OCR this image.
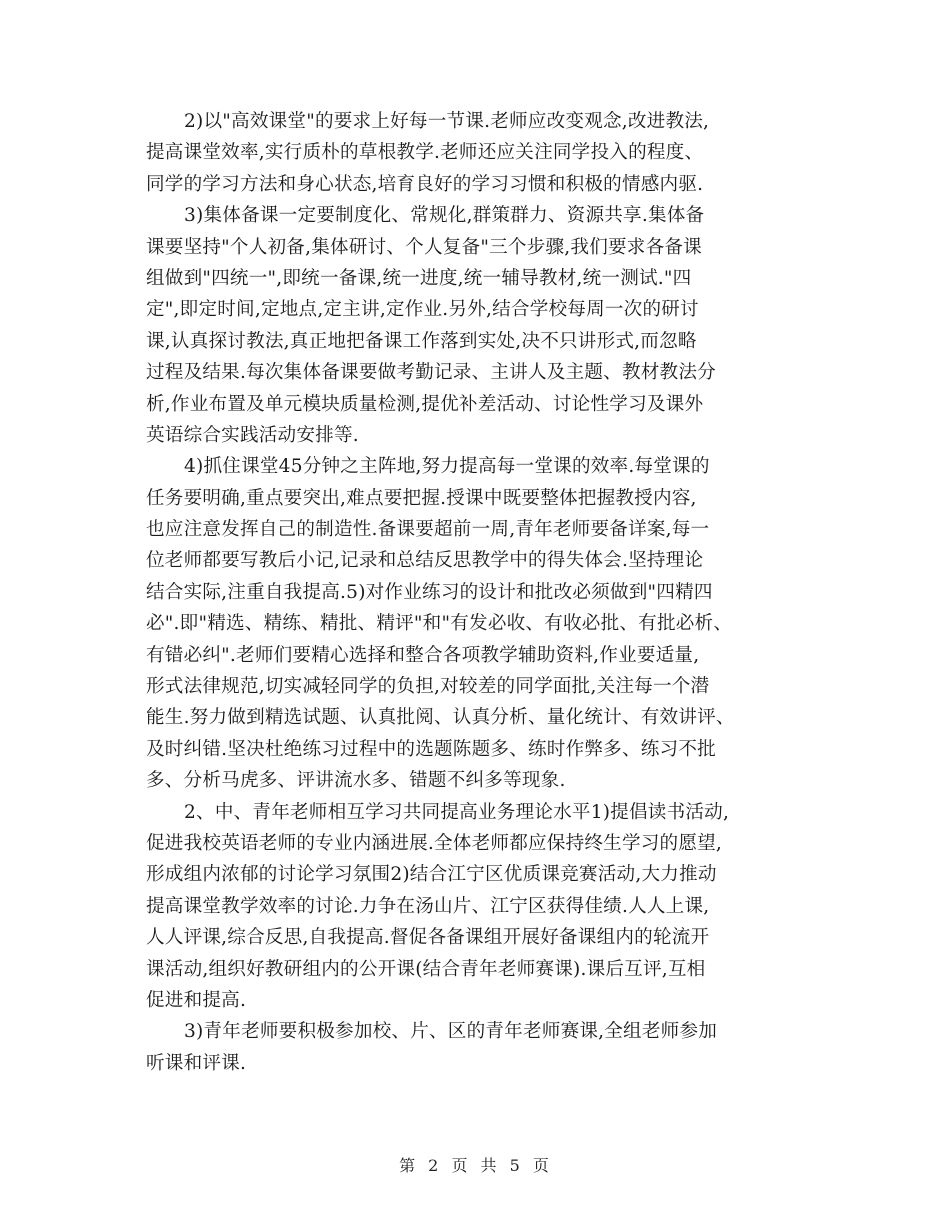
2)以"高效课堂"的要求上好每一节课.老师应改变观念,改进教法,
提高课堂效率,实行质朴的草根教学.老师还应关注同学投入的程度、
同学的学习方法和身心状态,培育良好的学习习惯和积极的情感内驱.
3)集体备课一定要制度化、常规化,群策群力、资源共享.集体备
课要坚持"个人初备,集体研讨、个人复备"三个步骤,我们要求各备课
组做到"四统一",即统一备课,统一进度,统一辅导教材,统一测试."四
定",即定时间,定地点,定主讲,定作业.另外,结合学校每周一次的研讨
课,认真探讨教法,真正地把备课工作落到实处,决不只讲形式,而忽略
过程及结果.每次集体备课要做考勤记录、主讲人及主题、教材教法分
析,作业布置及单元模块质量检测,提优补差活动、讨论性学习及课外
英语综合实践活动安排等.
4)抓住课堂45分钟之主阵地,努力提高每一堂课的效率.每堂课的
任务要明确,重点要突出,难点要把握.授课中既要整体把握教授内容,
也应注意发挥自己的制造性.备课要超前一周,青年老师要备详案,每一
位老师都要写教后小记,记录和总结反思教学中的得失体会.坚持理论
结合实际,注重自我提高.5)对作业练习的设计和批改必须做到"四精四
必".即"精选、精练、精批、精评"和"有发必收、有收必批、有批必析、
有错必纠".老师们要精心选择和整合各项教学辅助资料,作业要适量,
形式法律规范,切实减轻同学的负担,对较差的同学面批,关注每一个潜
能生.努力做到精选试题、认真批阅、认真分析、量化统计、有效讲评、
及时纠错.坚决杜绝练习过程中的选题陈题多、练时作弊多、练习不批
多、分析马虎多、评讲流水多、错题不纠多等现象.
2、中、青年老师相互学习共同提高业务理论水平1)提倡读书活动,
促进我校英语老师的专业内涵进展.全体老师都应保持终生学习的愿望,
形成组内浓郁的讨论学习氛围2)结合江宁区优质课竞赛活动,大力推动
提高课堂教学效率的讨论.力争在汤山片、江宁区获得佳绩.人人上课,
人人评课,综合反思,自我提高.督促各备课组开展好备课组内的轮流开
课活动,组织好教研组内的公开课(结合青年老师赛课).课后互评,互相
促进和提高.
3)青年老师要积极参加校、片、区的青年老师赛课,全组老师参加
听课和评课.
第 2 页 共 5 页
